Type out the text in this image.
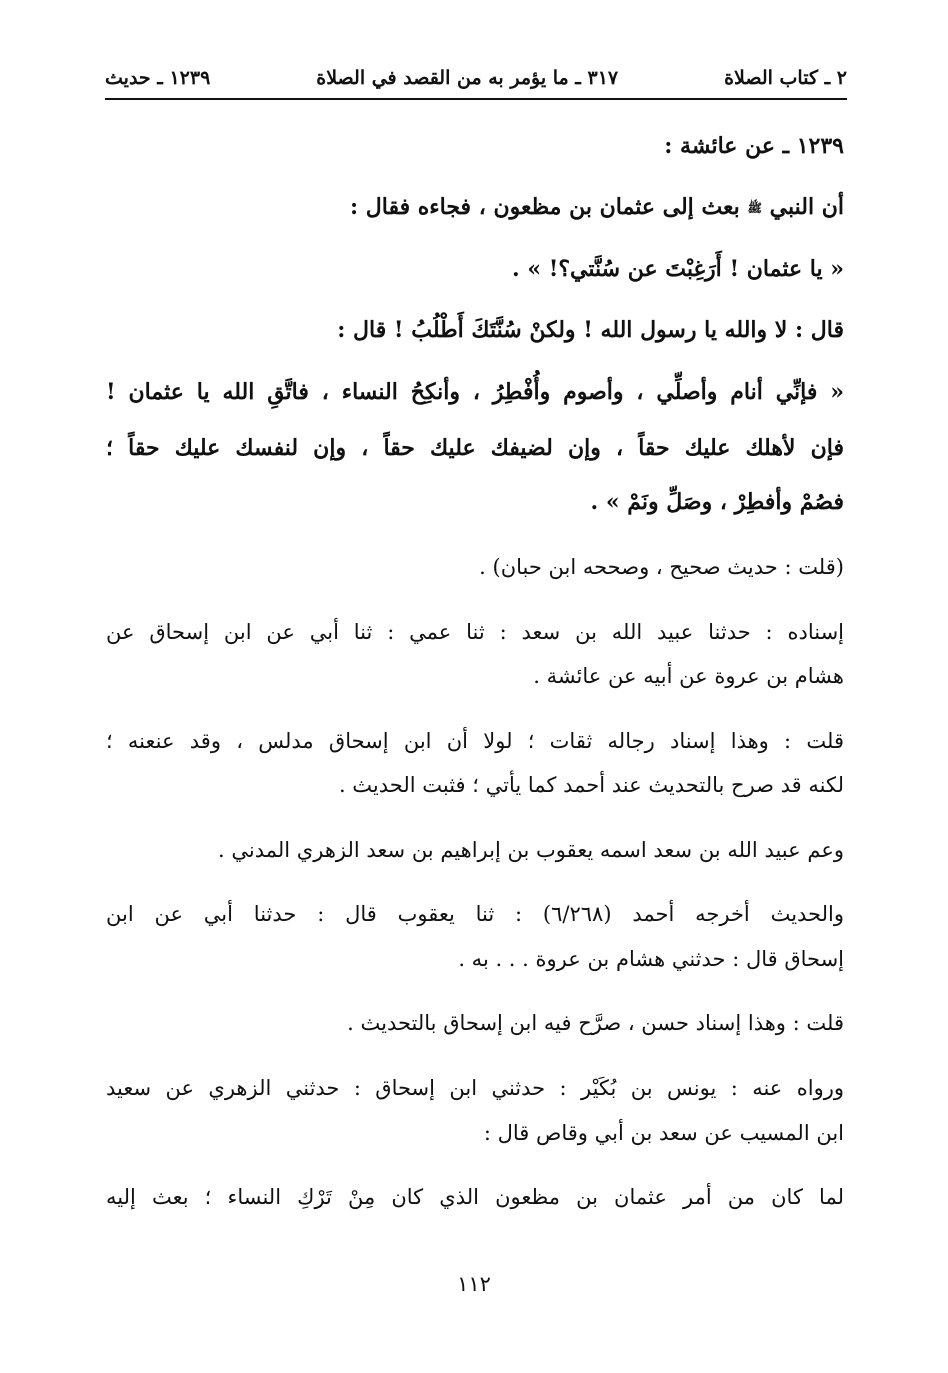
٢ ـ كتاب الصلاة
٣١٧ ـ ما يؤمر به من القصد في الصلاة
١٢٣٩ ـ حديث
١٢٣٩ ـ عن عائشة :
أن النبي ﷺ بعث إلى عثمان بن مظعون ، فجاءه فقال :
« يا عثمان ! أَرَغِبْتَ عن سُنَّتي؟! » .
قال : لا والله يا رسول الله ! ولكنْ سُنَّتَكَ أَطْلُبُ ! قال :
« فإنِّي أنام وأصلِّي ، وأصوم وأُفْطِرُ ، وأنكِحُ النساء ، فاتَّقِ الله يا عثمان !
فإن لأهلك عليك حقاً ، وإن لضيفك عليك حقاً ، وإن لنفسك عليك حقاً ؛
فصُمْ وأفطِرْ ، وصَلِّ ونَمْ » .
(قلت : حديث صحيح ، وصححه ابن حبان) .
إسناده : حدثنا عبيد الله بن سعد : ثنا عمي : ثنا أبي عن ابن إسحاق عن
هشام بن عروة عن أبيه عن عائشة .
قلت : وهذا إسناد رجاله ثقات ؛ لولا أن ابن إسحاق مدلس ، وقد عنعنه ؛
لكنه قد صرح بالتحديث عند أحمد كما يأتي ؛ فثبت الحديث .
وعم عبيد الله بن سعد اسمه يعقوب بن إبراهيم بن سعد الزهري المدني .
والحديث أخرجه أحمد (٦/٢٦٨) : ثنا يعقوب قال : حدثنا أبي عن ابن
إسحاق قال : حدثني هشام بن عروة . . . به .
قلت : وهذا إسناد حسن ، صرَّح فيه ابن إسحاق بالتحديث .
ورواه عنه : يونس بن بُكَيْر : حدثني ابن إسحاق : حدثني الزهري عن سعيد
ابن المسيب عن سعد بن أبي وقاص قال :
لما كان من أمر عثمان بن مظعون الذي كان مِنْ تَرْكِ النساء ؛ بعث إليه
١١٢
